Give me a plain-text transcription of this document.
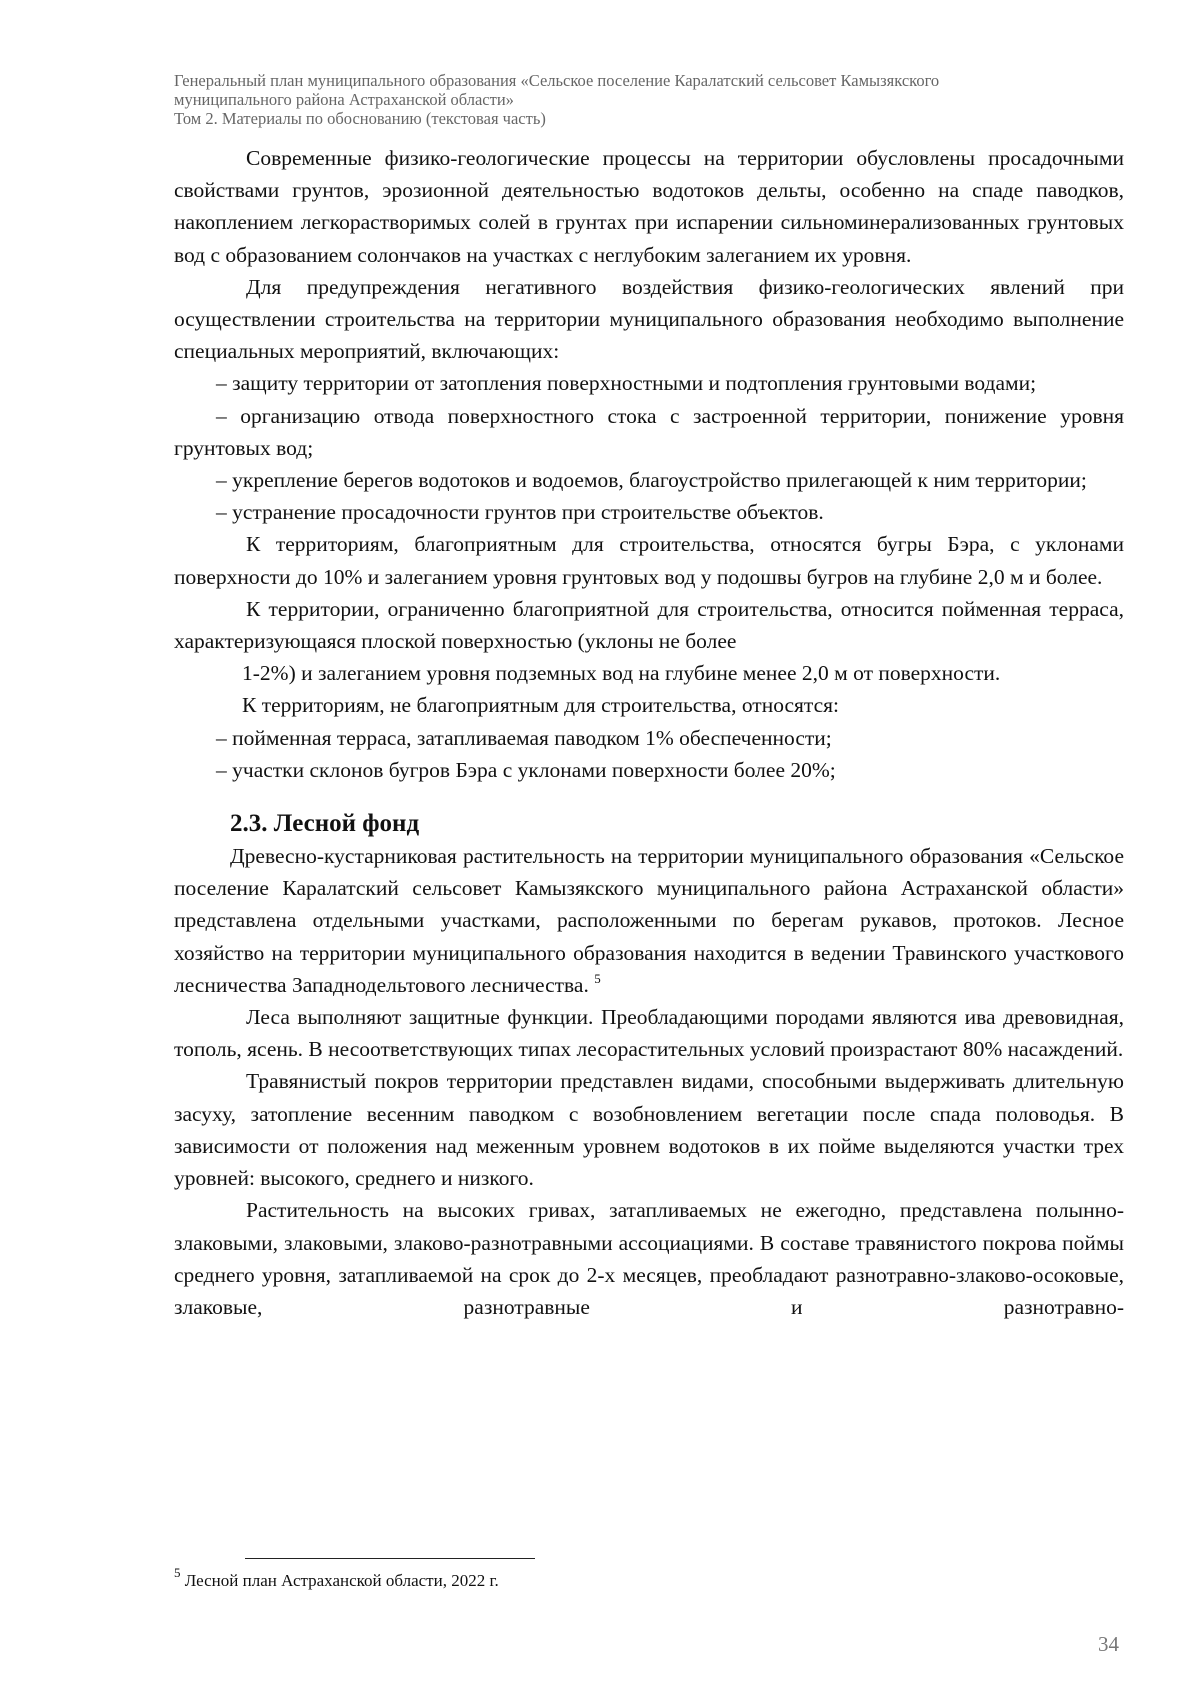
Генеральный план муниципального образования «Сельское поселение Каралатский сельсовет Камызякского
муниципального района Астраханской области»
Том 2. Материалы по обоснованию (текстовая часть)

Современные физико-геологические процессы на территории обусловлены просадочными свойствами грунтов, эрозионной деятельностью водотоков дельты, особенно на спаде паводков, накоплением легкорастворимых солей в грунтах при испарении сильноминерализованных грунтовых вод с образованием солончаков на участках с неглубоким залеганием их уровня.

Для предупреждения негативного воздействия физико-геологических явлений при осуществлении строительства на территории муниципального образования необходимо выполнение специальных мероприятий, включающих:

– защиту территории от затопления поверхностными и подтопления грунтовыми водами;
– организацию отвода поверхностного стока с застроенной территории, понижение уровня грунтовых вод;
– укрепление берегов водотоков и водоемов, благоустройство прилегающей к ним территории;
– устранение просадочности грунтов при строительстве объектов.

К территориям, благоприятным для строительства, относятся бугры Бэра, с уклонами поверхности до 10% и залеганием уровня грунтовых вод у подошвы бугров на глубине 2,0 м и более.

К территории, ограниченно благоприятной для строительства, относится пойменная терраса, характеризующаяся плоской поверхностью (уклоны не более

1-2%) и залеганием уровня подземных вод на глубине менее 2,0 м от поверхности.

К территориям, не благоприятным для строительства, относятся:

– пойменная терраса, затапливаемая паводком 1% обеспеченности;
– участки склонов бугров Бэра с уклонами поверхности более 20%;
2.3. Лесной фонд

Древесно-кустарниковая растительность на территории муниципального образования «Сельское поселение Каралатский сельсовет Камызякского муниципального района Астраханской области» представлена отдельными участками, расположенными по берегам рукавов, протоков. Лесное хозяйство на территории муниципального образования находится в ведении Травинского участкового лесничества Западнодельтового лесничества. $^5$

Леса выполняют защитные функции. Преобладающими породами являются ива древовидная, тополь, ясень. В несоответствующих типах лесорастительных условий произрастают 80% насаждений.

Травянистый покров территории представлен видами, способными выдерживать длительную засуху, затопление весенним паводком с возобновлением вегетации после спада половодья. В зависимости от положения над меженным уровнем водотоков в их пойме выделяются участки трех уровней: высокого, среднего и низкого.

Растительность на высоких гривах, затапливаемых не ежегодно, представлена полынно-злаковыми, злаковыми, злаково-разнотравными ассоциациями. В составе травянистого покрова поймы среднего уровня, затапливаемой на срок до 2-х месяцев, преобладают разнотравно-злаково-осоковые, злаковые, разнотравные и разнотравно-

$^5$ Лесной план Астраханской области, 2022 г.
34
